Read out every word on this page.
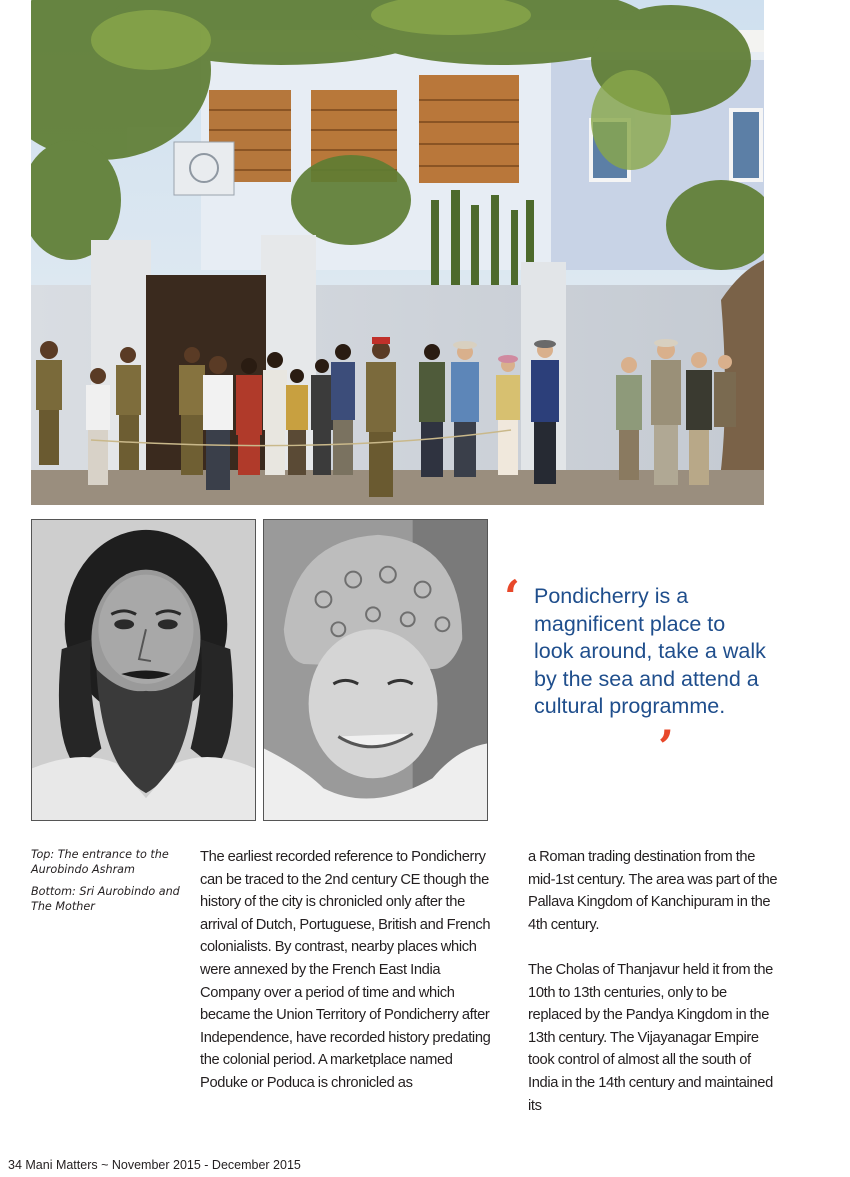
‘ Pondicherry is a magnificent place to look around, take a walk by the sea and attend a cultural programme.

’

Top: The entrance to the Aurobindo Ashram

Bottom: Sri Aurobindo and The Mother

The earliest recorded reference to Pondicherry can be traced to the 2nd century CE though the history of the city is chronicled only after the arrival of Dutch, Portuguese, British and French colonialists. By contrast, nearby places which were annexed by the French East India Company over a period of time and which became the Union Territory of Pondicherry after Independence, have recorded history predating the colonial period. A marketplace named Poduke or Poduca is chronicled as

a Roman trading destination from the mid-1st century. The area was part of the Pallava Kingdom of Kanchipuram in the 4th century.

The Cholas of Thanjavur held it from the 10th to 13th centuries, only to be replaced by the Pandya Kingdom in the 13th century. The Vijayanagar Empire took control of almost all the south of India in the 14th century and maintained its

34 Mani Matters ~ November 2015 - December 2015
